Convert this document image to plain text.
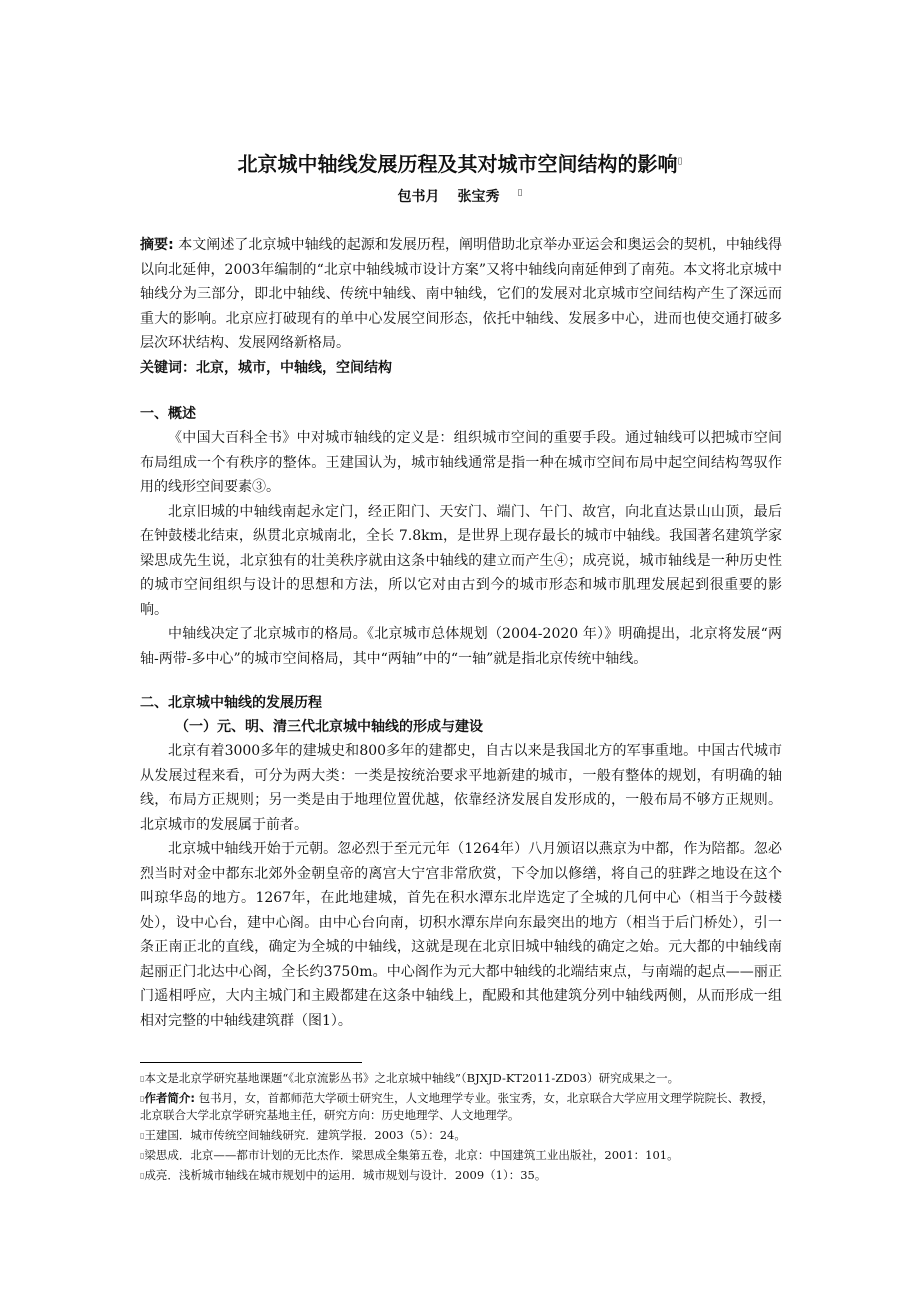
北京城中轴线发展历程及其对城市空间结构的影响▯
包书月 张宝秀 ▯
摘要: 本文阐述了北京城中轴线的起源和发展历程，阐明借助北京举办亚运会和奥运会的契机，中轴线得以向北延伸，2003年编制的“北京中轴线城市设计方案”又将中轴线向南延伸到了南苑。本文将北京城中轴线分为三部分，即北中轴线、传统中轴线、南中轴线，它们的发展对北京城市空间结构产生了深远而重大的影响。北京应打破现有的单中心发展空间形态，依托中轴线、发展多中心，进而也使交通打破多层次环状结构、发展网络新格局。
关键词：北京，城市，中轴线，空间结构
一、概述

《中国大百科全书》中对城市轴线的定义是：组织城市空间的重要手段。通过轴线可以把城市空间布局组成一个有秩序的整体。王建国认为，城市轴线通常是指一种在城市空间布局中起空间结构驾驭作用的线形空间要素③。

北京旧城的中轴线南起永定门，经正阳门、天安门、端门、午门、故宫，向北直达景山山顶，最后在钟鼓楼北结束，纵贯北京城南北，全长 7.8km，是世界上现存最长的城市中轴线。我国著名建筑学家梁思成先生说，北京独有的壮美秩序就由这条中轴线的建立而产生④；成亮说，城市轴线是一种历史性的城市空间组织与设计的思想和方法，所以它对由古到今的城市形态和城市肌理发展起到很重要的影响。

中轴线决定了北京城市的格局。《北京城市总体规划（2004-2020 年）》明确提出，北京将发展“两轴-两带-多中心”的城市空间格局，其中“两轴”中的“一轴”就是指北京传统中轴线。

二、北京城中轴线的发展历程
（一）元、明、清三代北京城中轴线的形成与建设

北京有着3000多年的建城史和800多年的建都史，自古以来是我国北方的军事重地。中国古代城市从发展过程来看，可分为两大类：一类是按统治要求平地新建的城市，一般有整体的规划，有明确的轴线，布局方正规则；另一类是由于地理位置优越，依靠经济发展自发形成的，一般布局不够方正规则。北京城市的发展属于前者。

北京城中轴线开始于元朝。忽必烈于至元元年（1264年）八月颁诏以燕京为中都，作为陪都。忽必烈当时对金中都东北郊外金朝皇帝的离宫大宁宫非常欣赏，下令加以修缮，将自己的驻跸之地设在这个叫琼华岛的地方。1267年，在此地建城，首先在积水潭东北岸选定了全城的几何中心（相当于今鼓楼处），设中心台，建中心阁。由中心台向南，切积水潭东岸向东最突出的地方（相当于后门桥处），引一条正南正北的直线，确定为全城的中轴线，这就是现在北京旧城中轴线的确定之始。元大都的中轴线南起丽正门北达中心阁，全长约3750m。中心阁作为元大都中轴线的北端结束点，与南端的起点——丽正门遥相呼应，大内主城门和主殿都建在这条中轴线上，配殿和其他建筑分列中轴线两侧，从而形成一组相对完整的中轴线建筑群（图1）。

▯本文是北京学研究基地课题“《北京流影丛书》之北京城中轴线”（BJXJD-KT2011-ZD03）研究成果之一。
▯作者简介: 包书月，女，首都师范大学硕士研究生，人文地理学专业。张宝秀，女，北京联合大学应用文理学院院长、教授，北京联合大学北京学研究基地主任，研究方向：历史地理学、人文地理学。
▯王建国．城市传统空间轴线研究．建筑学报．2003（5）：24。
▯梁思成．北京——都市计划的无比杰作．梁思成全集第五卷，北京：中国建筑工业出版社，2001：101。
▯成亮．浅析城市轴线在城市规划中的运用．城市规划与设计．2009（1）：35。
